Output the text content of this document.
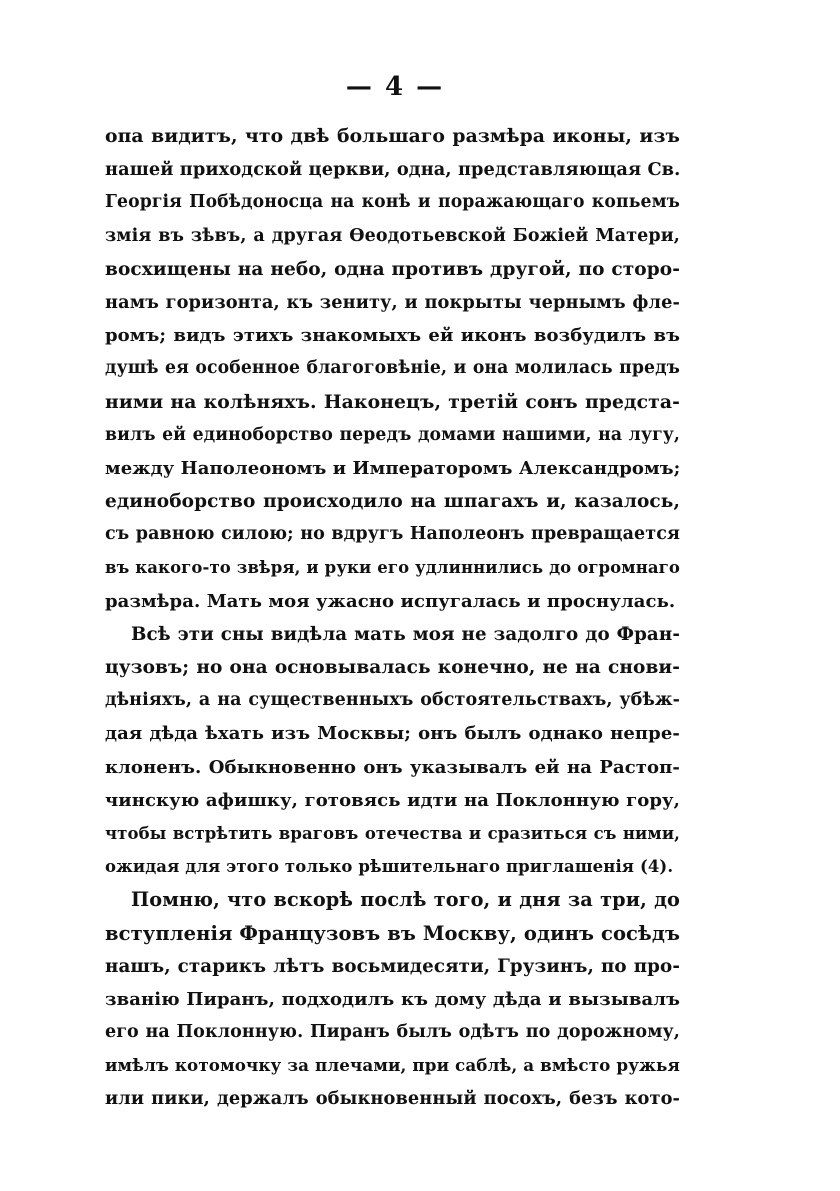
— 4 —
опа видитъ, что двѣ большаго размѣра иконы, изъ
нашей приходской церкви, одна, представляющая Св.
Георгія Побѣдоносца на конѣ и поражающаго копьемъ
змія въ зѣвъ, а другая Ѳеодотьевской Божіей Матери,
восхищены на небо, одна противъ другой, по сторо-
намъ горизонта, къ зениту, и покрыты чернымъ фле-
ромъ; видъ этихъ знакомыхъ ей иконъ возбудилъ въ
душѣ ея особенное благоговѣніе, и она молилась предъ
ними на колѣняхъ. Наконецъ, третій сонъ предста-
вилъ ей единоборство передъ домами нашими, на лугу,
между Наполеономъ и Императоромъ Александромъ;
единоборство происходило на шпагахъ и, казалось,
съ равною силою; но вдругъ Наполеонъ превращается
въ какого-то звѣря, и руки его удлиннились до огромнаго
размѣра. Мать моя ужасно испугалась и проснулась.
Всѣ эти сны видѣла мать моя не задолго до Фран-
цузовъ; но она основывалась конечно, не на снови-
дѣніяхъ, а на существенныхъ обстоятельствахъ, убѣж-
дая дѣда ѣхать изъ Москвы; онъ былъ однако непре-
клоненъ. Обыкновенно онъ указывалъ ей на Растоп-
чинскую афишку, готовясь идти на Поклонную гору,
чтобы встрѣтить враговъ отечества и сразиться съ ними,
ожидая для этого только рѣшительнаго приглашенія (4).
Помню, что вскорѣ послѣ того, и дня за три, до
вступленія Французовъ въ Москву, одинъ сосѣдъ
нашъ, старикъ лѣтъ восьмидесяти, Грузинъ, по про-
званію Пиранъ, подходилъ къ дому дѣда и вызывалъ
его на Поклонную. Пиранъ былъ одѣтъ по дорожному,
имѣлъ котомочку за плечами, при саблѣ, а вмѣсто ружья
или пики, держалъ обыкновенный посохъ, безъ кото-
